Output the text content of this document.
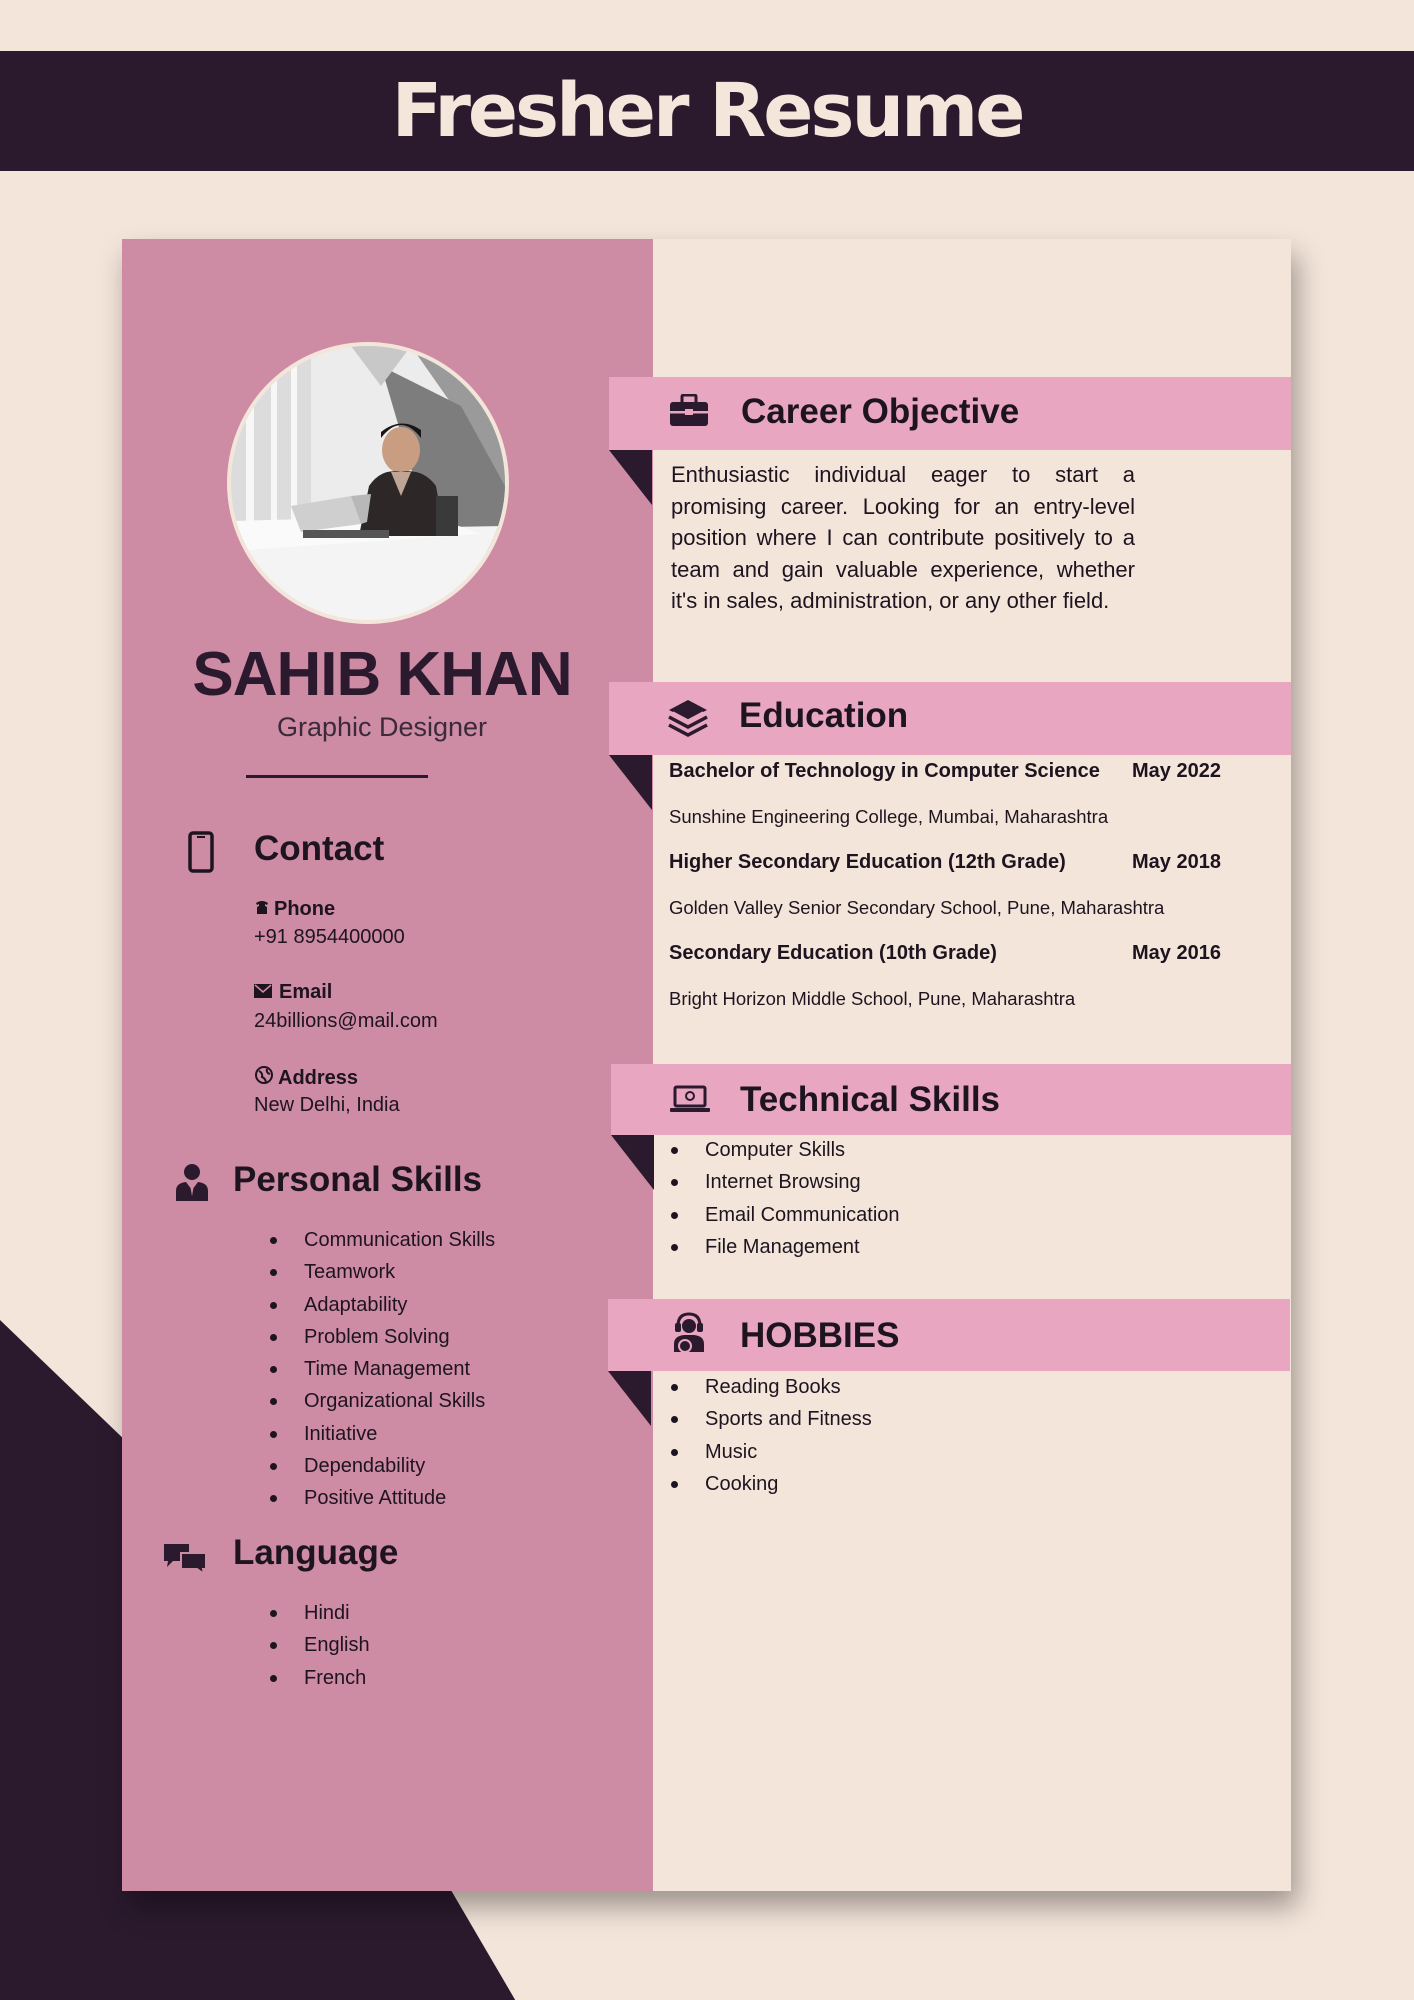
Fresher Resume
SAHIB KHAN
Graphic Designer
Contact
Phone
+91 8954400000
Email
24billions@mail.com
Address
New Delhi, India
Personal Skills
Communication Skills
Teamwork
Adaptability
Problem Solving
Time Management
Organizational Skills
Initiative
Dependability
Positive Attitude
Language
Hindi
English
French
Career Objective
Enthusiastic individual eager to start a promising career. Looking for an entry-level position where I can contribute positively to a team and gain valuable experience, whether it's in sales, administration, or any other field.
Education
Bachelor of Technology in Computer Science May 2022
Sunshine Engineering College, Mumbai, Maharashtra
Higher Secondary Education (12th Grade)	May 2018
Golden Valley Senior Secondary School, Pune, Maharashtra
Secondary Education (10th Grade)	May 2016
Bright Horizon Middle School, Pune, Maharashtra
Technical Skills
Computer Skills
Internet Browsing
Email Communication
File Management
HOBBIES
Reading Books
Sports and Fitness
Music
Cooking
